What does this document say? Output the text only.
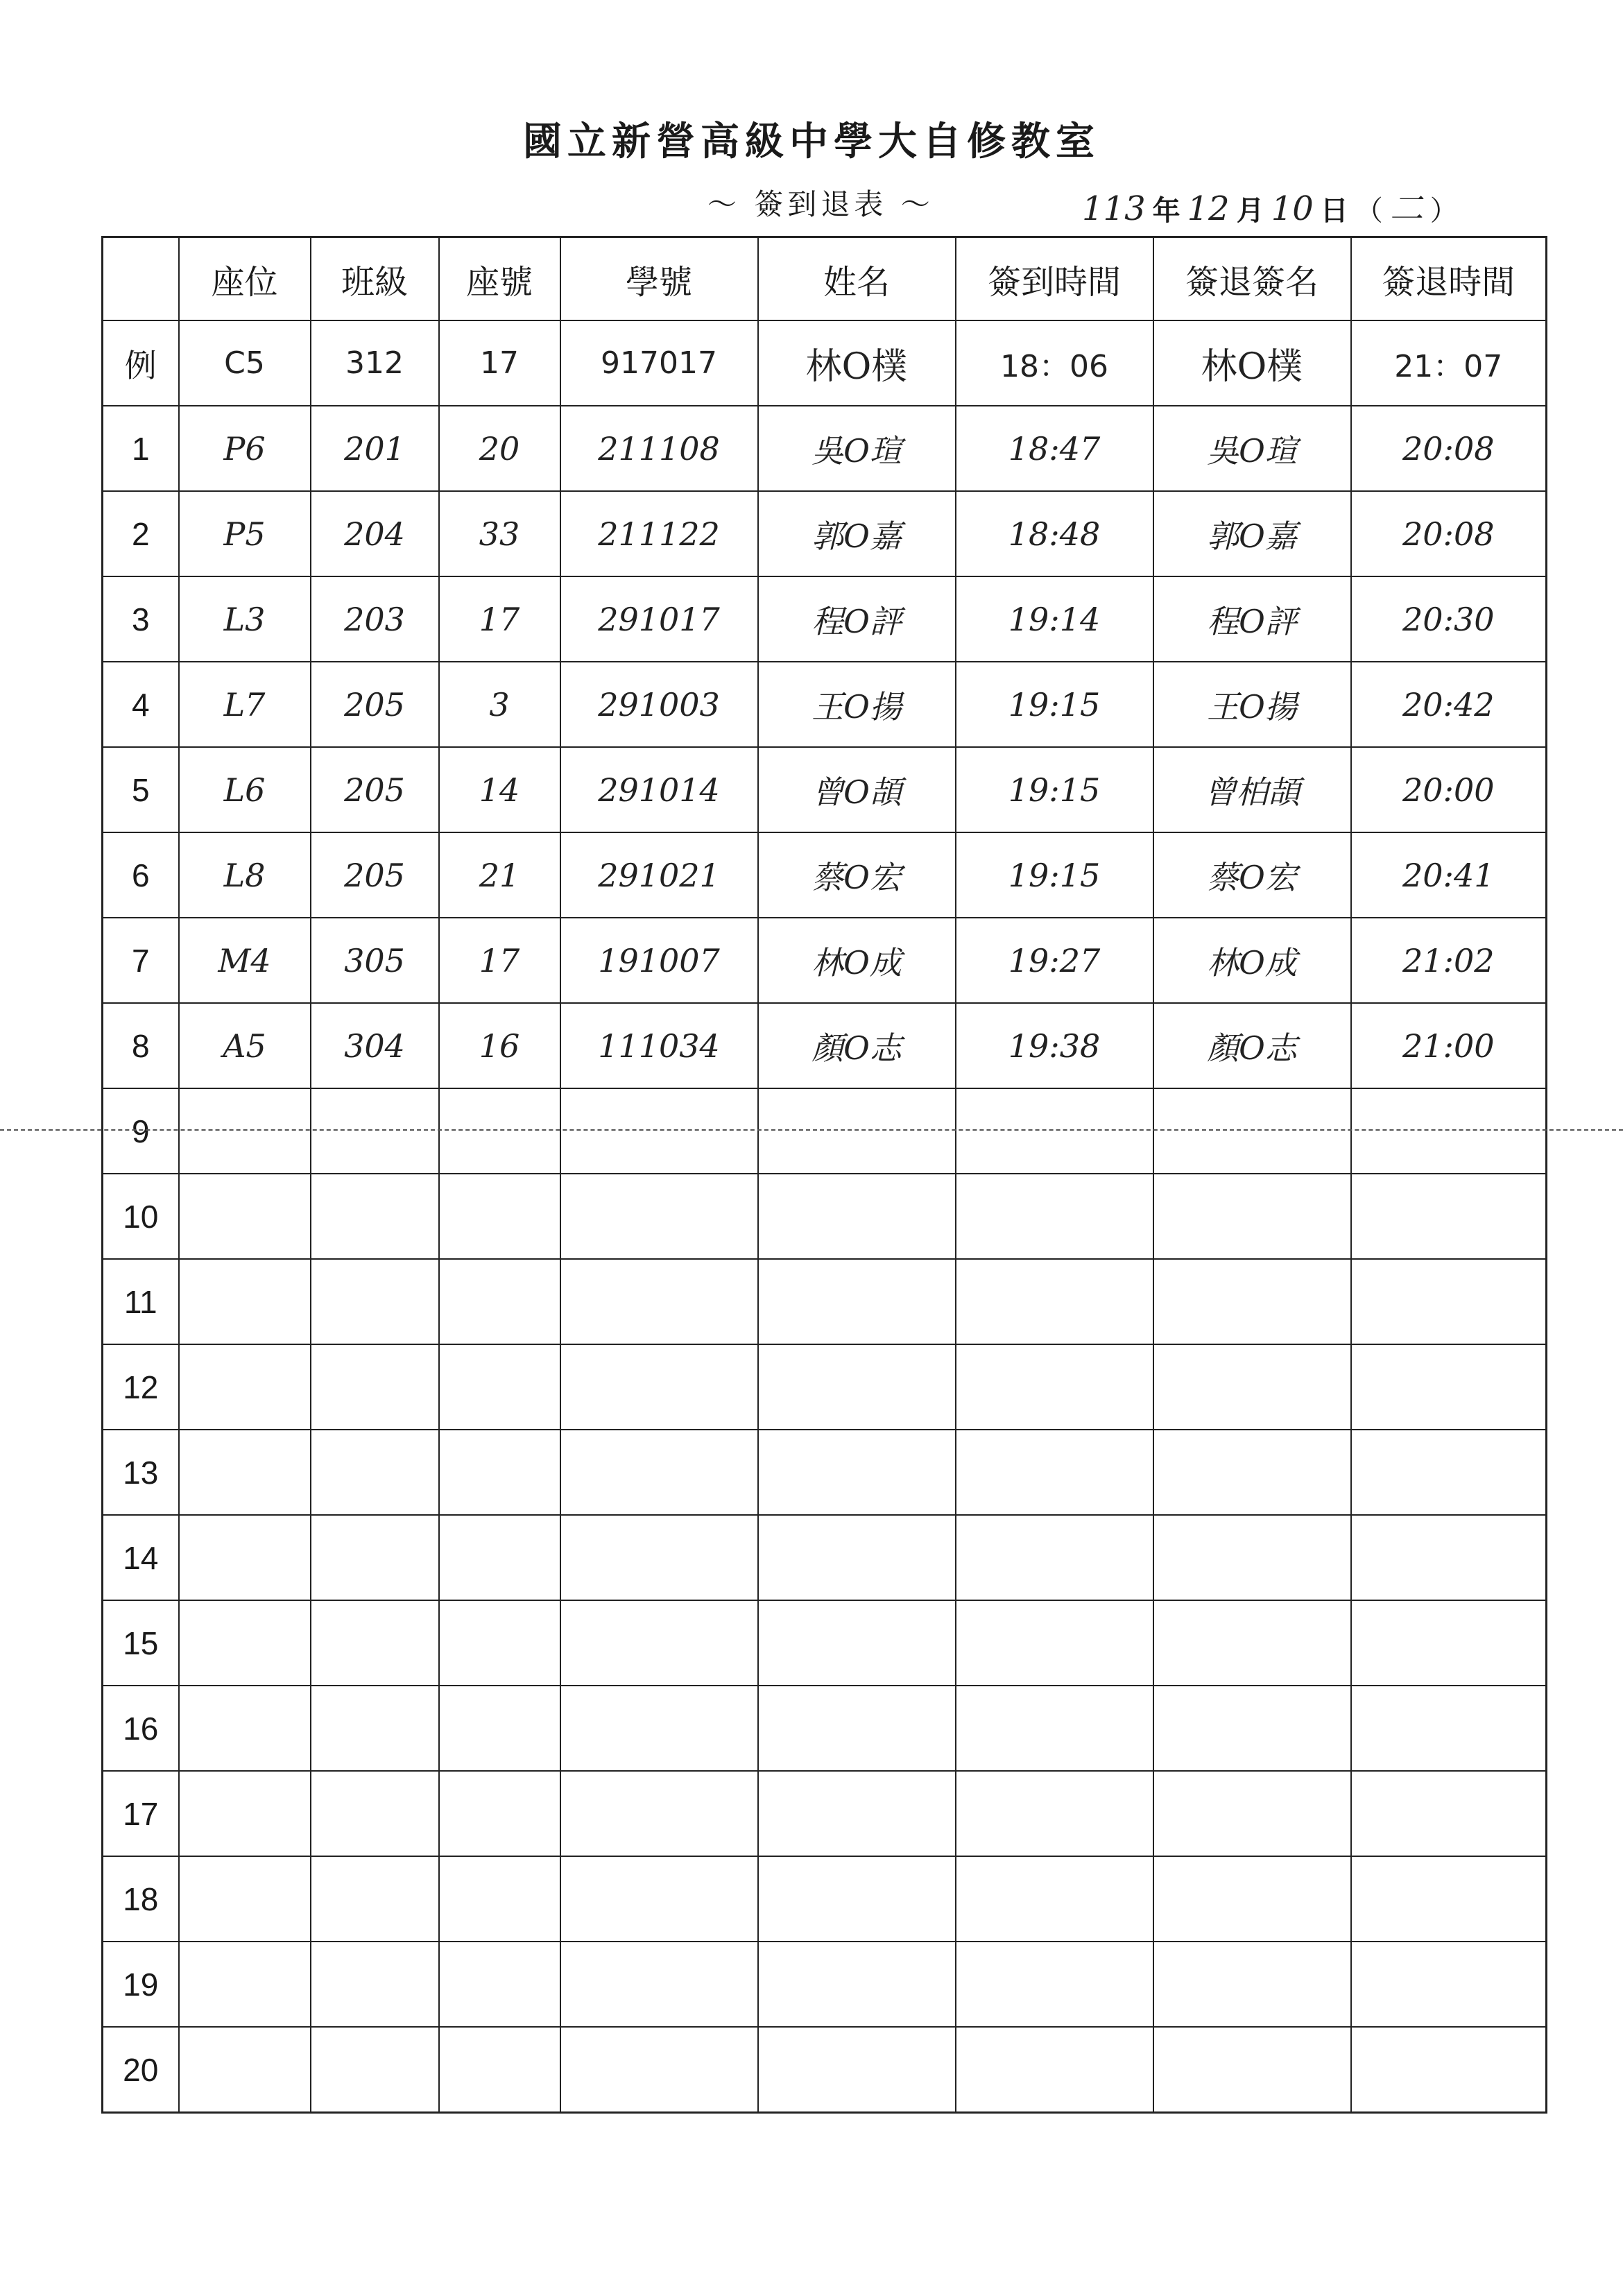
國立新營高級中學大自修教室
～ 簽到退表 ～	113 年 12 月 10 日 （ 二 ）
	座位	班級	座號	學號	姓名	簽到時間	簽退簽名	簽退時間
例	C5	312	17	917017	林O樸	18：06	林O樸	21：07
1	P6	201	20	211108	吳O瑄	18:47	吳O瑄	20:08
2	P5	204	33	211122	郭O嘉	18:48	郭O嘉	20:08
3	L3	203	17	291017	程O評	19:14	程O評	20:30
4	L7	205	3	291003	王O揚	19:15	王O揚	20:42
5	L6	205	14	291014	曾O頡	19:15	曾柏頡	20:00
6	L8	205	21	291021	蔡O宏	19:15	蔡O宏	20:41
7	M4	305	17	191007	林O成	19:27	林O成	21:02
8	A5	304	16	111034	顏O志	19:38	顏O志	21:00
9								
10								
11								
12								
13								
14								
15								
16								
17								
18								
19								
20								
